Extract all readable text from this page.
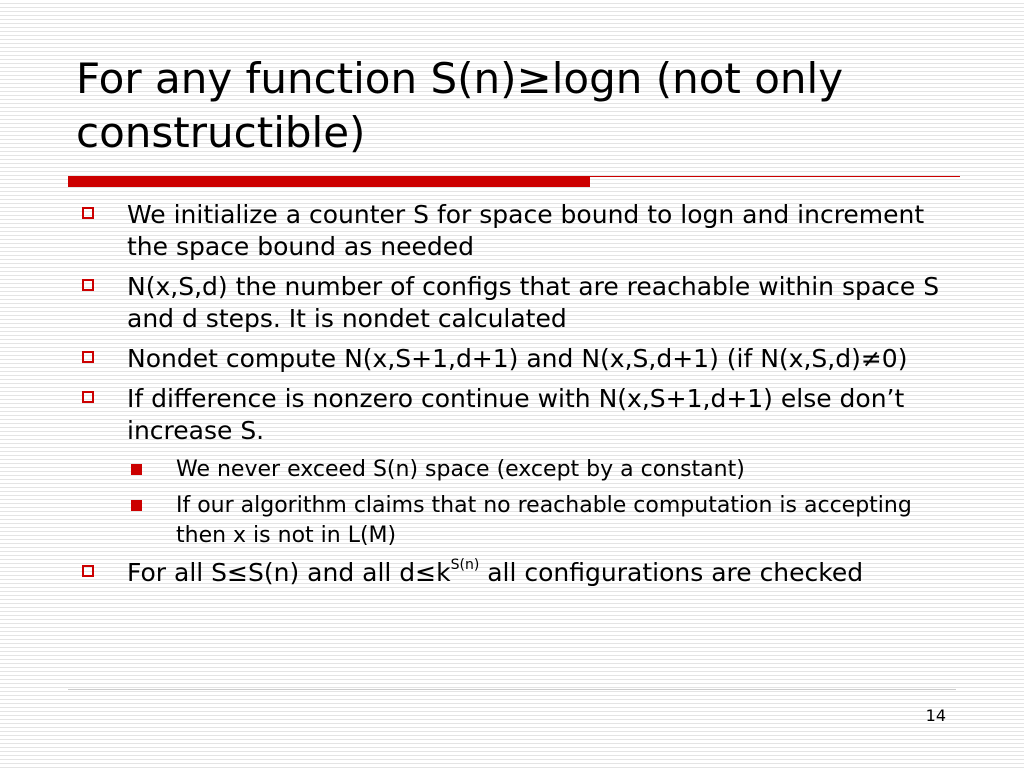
For any function S(n)≥logn (not only constructible)
We initialize a counter S for space bound to logn and increment the space bound as needed
N(x,S,d) the number of configs that are reachable within space S and d steps. It is nondet calculated
Nondet compute N(x,S+1,d+1) and N(x,S,d+1) (if N(x,S,d)≠0)
If difference is nonzero continue with N(x,S+1,d+1) else don’t increase S.
We never exceed S(n) space (except by a constant)
If our algorithm claims that no reachable computation is accepting then x is not in L(M)
For all S≤S(n) and all $d\le k^{S(n)}$ all configurations are checked
14
